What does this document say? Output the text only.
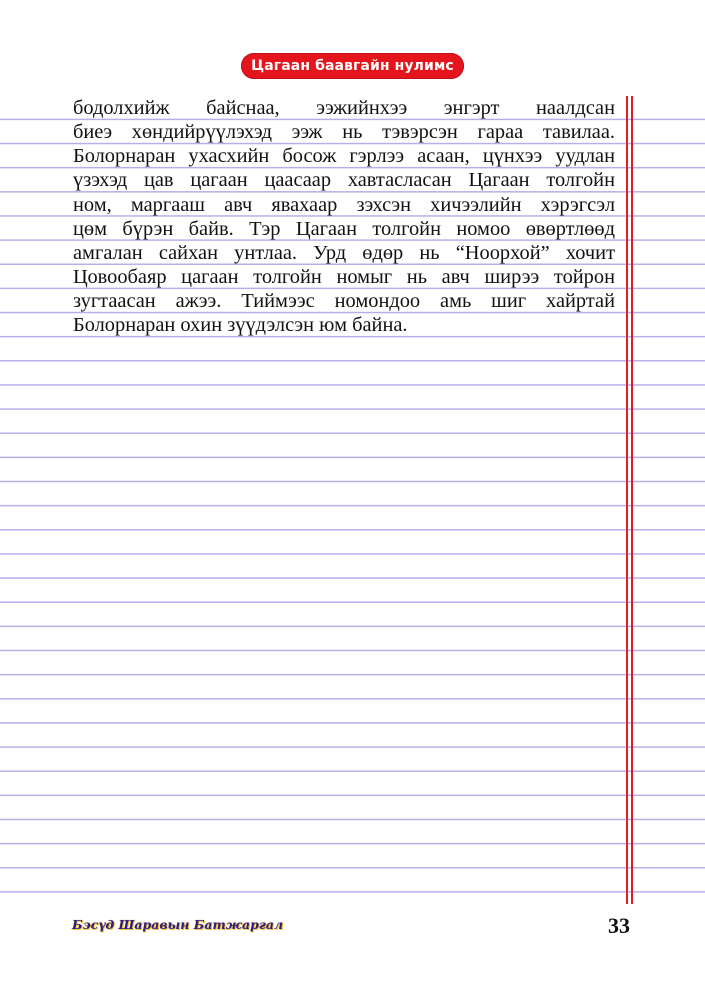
Цагаан баавгайн нулимс
бодолхийж байснаа, ээжийнхээ энгэрт наалдсан
биеэ хөндийрүүлэхэд ээж нь тэвэрсэн гараа тавилаа.
Болорнаран ухасхийн босож гэрлээ асаан, цүнхээ уудлан
үзэхэд цав цагаан цаасаар хавтасласан Цагаан толгойн
ном, маргааш авч явахаар зэхсэн хичээлийн хэрэгсэл
цөм бүрэн байв. Тэр Цагаан толгойн номоо өвөртлөөд
амгалан сайхан унтлаа. Урд өдөр нь “Ноорхой” хочит
Цовообаяр цагаан толгойн номыг нь авч ширээ тойрон
зугтаасан ажээ. Тиймээс номондоо амь шиг хайртай
Болорнаран охин зүүдэлсэн юм байна.
Бэсүд Шаравын Батжаргал	33
